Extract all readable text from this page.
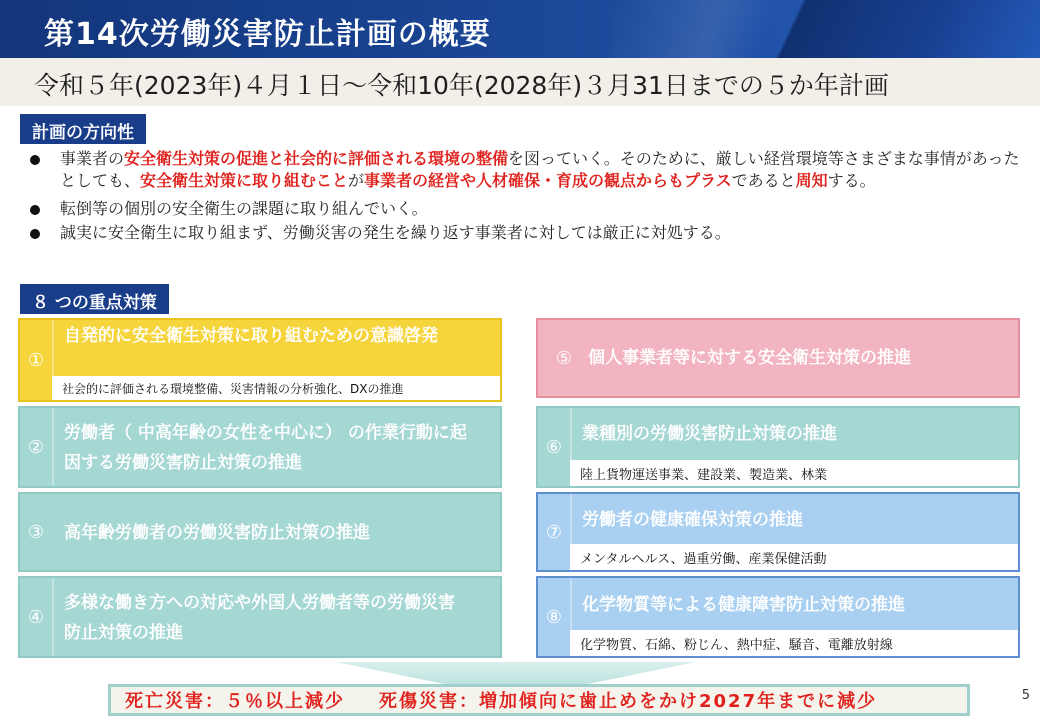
第14次労働災害防止計画の概要
令和５年(2023年)４月１日〜令和10年(2028年)３月31日までの５か年計画
計画の方向性
事業者の安全衛生対策の促進と社会的に評価される環境の整備を図っていく。そのために、厳しい経営環境等さまざまな事情があったとしても、安全衛生対策に取り組むことが事業者の経営や人材確保・育成の観点からもプラスであると周知する。
転倒等の個別の安全衛生の課題に取り組んでいく。
誠実に安全衛生に取り組まず、労働災害の発生を繰り返す事業者に対しては厳正に対処する。
８ つの重点対策
①
自発的に安全衛生対策に取り組むための意識啓発
社会的に評価される環境整備、災害情報の分析強化、DXの推進
②
労働者（ 中高年齢の女性を中心に） の作業行動に起因する労働災害防止対策の推進
③	高年齢労働者の労働災害防止対策の推進
④
多様な働き方への対応や外国人労働者等の労働災害防止対策の推進
⑤ 個人事業者等に対する安全衛生対策の推進
⑥
業種別の労働災害防止対策の推進
陸上貨物運送事業、建設業、製造業、林業
⑦
労働者の健康確保対策の推進
メンタルヘルス、過重労働、産業保健活動
⑧
化学物質等による健康障害防止対策の推進
化学物質、石綿、粉じん、熱中症、騒音、電離放射線
死亡災害：５％以上減少 死傷災害：増加傾向に歯止めをかけ2027年までに減少	5
